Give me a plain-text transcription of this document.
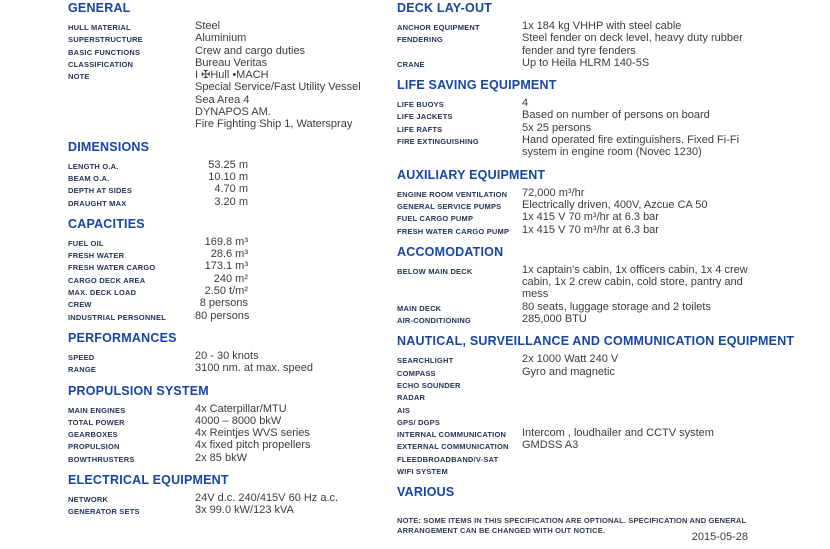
GENERAL
HULL MATERIAL	Steel
SUPERSTRUCTURE	Aluminium
BASIC FUNCTIONS	Crew and cargo duties
CLASSIFICATION	Bureau Veritas
NOTE	I ✠Hull •MACH
Special Service/Fast Utility Vessel
Sea Area 4
DYNAPOS AM.
Fire Fighting Ship 1, Waterspray
DIMENSIONS
LENGTH O.A.	53.25 m
BEAM O.A.	10.10 m
DEPTH AT SIDES	4.70 m
DRAUGHT MAX	3.20 m
CAPACITIES
FUEL OIL	169.8 m³
FRESH WATER	28.6 m³
FRESH WATER CARGO	173.1 m³
CARGO DECK AREA	240 m²
MAX. DECK LOAD	2.50 t/m²
CREW	8 persons
INDUSTRIAL PERSONNEL	80 persons
PERFORMANCES
SPEED	20 - 30 knots
RANGE	3100 nm. at max. speed
PROPULSION SYSTEM
MAIN ENGINES	4x Caterpillar/MTU
TOTAL POWER	4000 – 8000 bkW
GEARBOXES	4x Reintjes WVS series
PROPULSION	4x fixed pitch propellers
BOWTHRUSTERS	2x 85 bkW
ELECTRICAL EQUIPMENT
NETWORK	24V d.c. 240/415V 60 Hz a.c.
GENERATOR SETS	3x 99.0 kW/123 kVA
DECK LAY-OUT
ANCHOR EQUIPMENT	1x 184 kg VHHP with steel cable
FENDERING	Steel fender on deck level, heavy duty rubber
fender and tyre fenders
CRANE	Up to Heila HLRM 140-5S
LIFE SAVING EQUIPMENT
LIFE BUOYS	4
LIFE JACKETS	Based on number of persons on board
LIFE RAFTS	5x 25 persons
FIRE EXTINGUISHING	Hand operated fire extinguishers. Fixed Fi-Fi
system in engine room (Novec 1230)
AUXILIARY EQUIPMENT
ENGINE ROOM VENTILATION	72,000 m³/hr
GENERAL SERVICE PUMPS	Electrically driven, 400V, Azcue CA 50
FUEL CARGO PUMP	1x 415 V 70 m³/hr at 6.3 bar
FRESH WATER CARGO PUMP	1x 415 V 70 m³/hr at 6.3 bar
ACCOMODATION
BELOW MAIN DECK	1x captain's cabin, 1x officers cabin, 1x 4 crew
cabin, 1x 2 crew cabin, cold store, pantry and
mess
MAIN DECK	80 seats, luggage storage and 2 toilets
AIR-CONDITIONING	285,000 BTU
NAUTICAL, SURVEILLANCE AND COMMUNICATION EQUIPMENT
SEARCHLIGHT	2x 1000 Watt 240 V
COMPASS	Gyro and magnetic
ECHO SOUNDER
RADAR
AIS
GPS/ DGPS
INTERNAL COMMUNICATION	Intercom , loudhailer and CCTV system
EXTERNAL COMMUNICATION	GMDSS A3
FLEEDBROADBAND/V-SAT
WIFI SYSTEM
VARIOUS
NOTE: SOME ITEMS IN THIS SPECIFICATION ARE OPTIONAL. SPECIFICATION AND GENERAL
ARRANGEMENT CAN BE CHANGED WITH OUT NOTICE.
2015-05-28
